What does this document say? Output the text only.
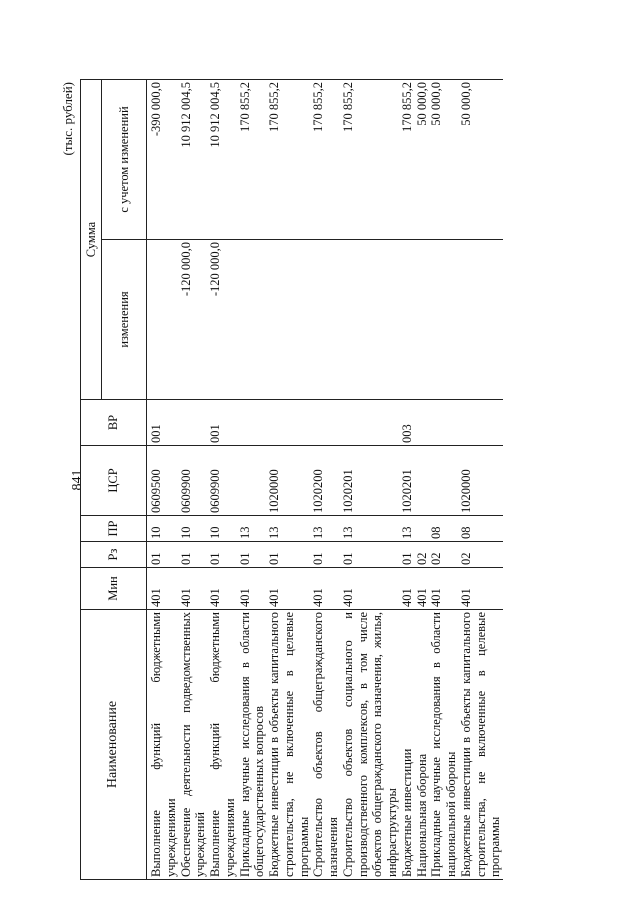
841
(тыс. рублей)
Наименование	Мин	Рз	ПР	ЦСР	ВР	Сумма	
						изменения	с учетом изменений
Выполнение функций бюджетными учреждениями	401	01	10	0609500	001		-390 000,0
Обеспечение деятельности подведомственных учреждений	401	01	10	0609900		-120 000,0	10 912 004,5
Выполнение функций бюджетными учреждениями	401	01	10	0609900	001	-120 000,0	10 912 004,5
Прикладные научные исследования в области общегосударственных вопросов	401	01	13				170 855,2
Бюджетные инвестиции в объекты капитального строительства, не включенные в целевые программы	401	01	13	1020000			170 855,2
Строительство объектов общегражданского назначения	401	01	13	1020200			170 855,2
Строительство объектов социального и производственного комплексов, в том числе объектов общегражданского назначения, жилья, инфраструктуры	401	01	13	1020201			170 855,2
Бюджетные инвестиции	401	01	13	1020201	003		170 855,2
Национальная оборона	401	02					50 000,0
Прикладные научные исследования в области национальной обороны	401	02	08				50 000,0
Бюджетные инвестиции в объекты капитального строительства, не включенные в целевые программы	401	02	08	1020000			50 000,0
